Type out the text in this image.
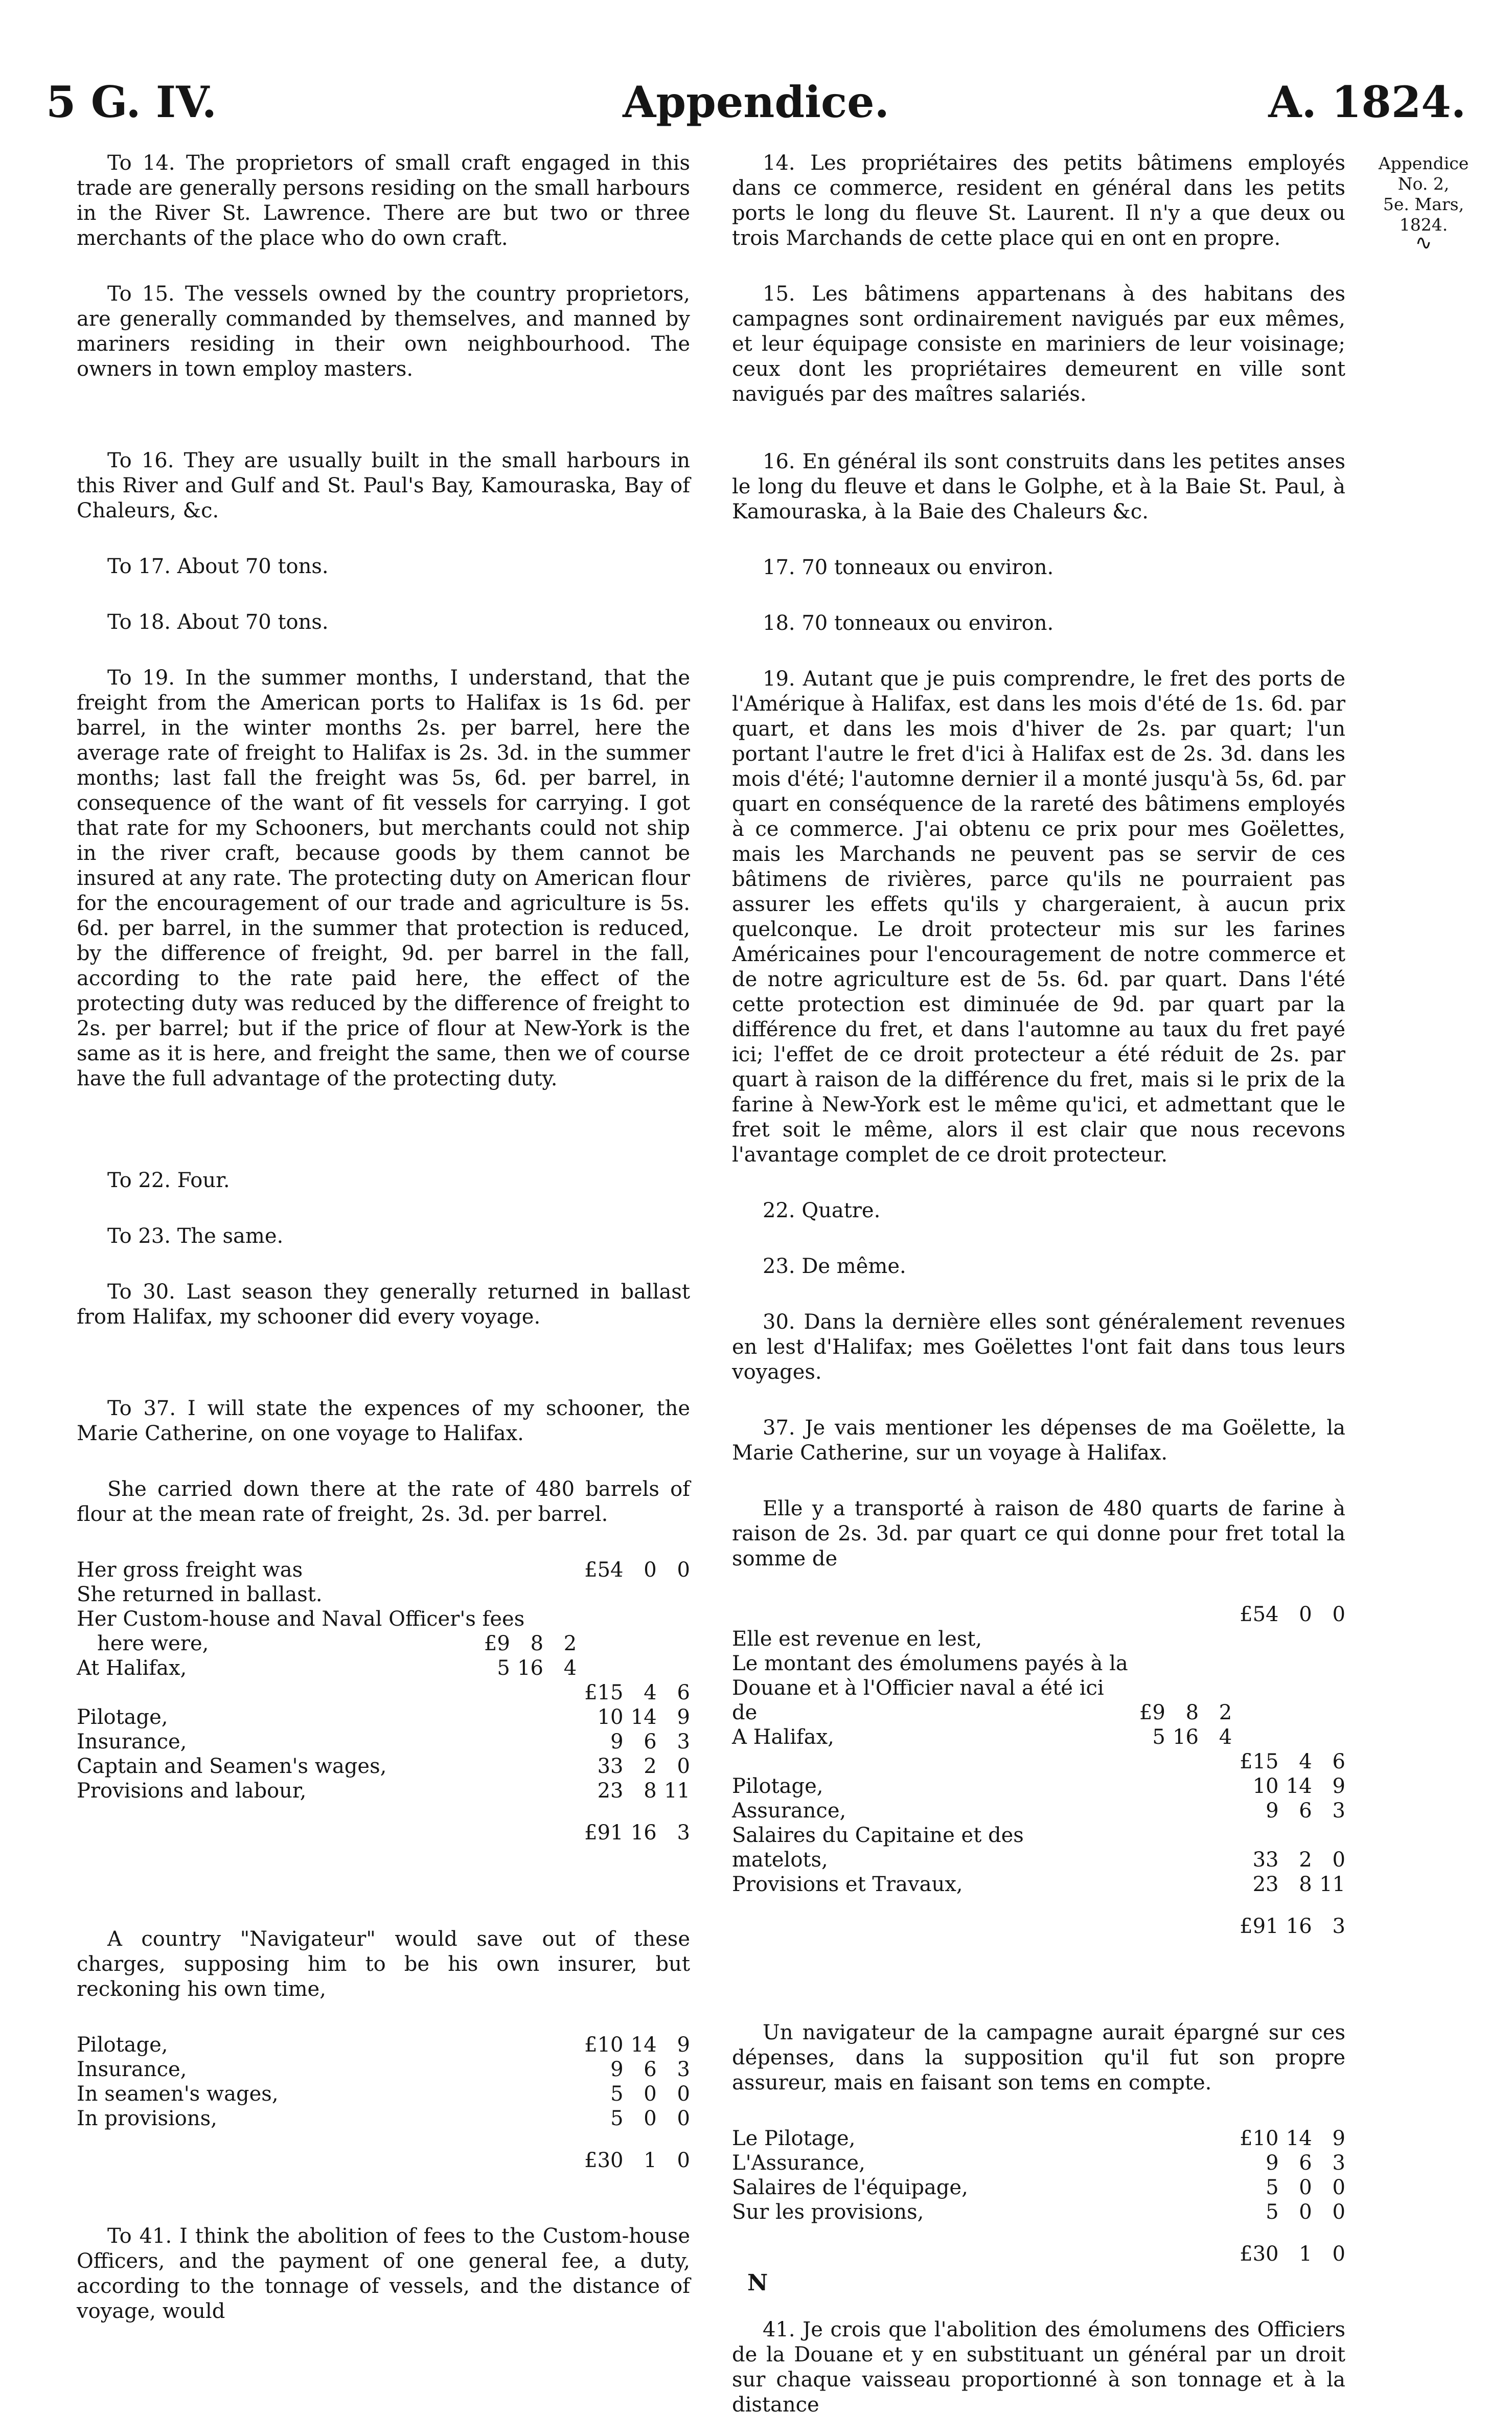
5 G. IV.	Appendice.	A. 1824.
Appendice
No. 2,
5e. Mars,
1824.
∿

To 14. The proprietors of small craft engaged in this trade are generally persons residing on the small harbours in the River St. Lawrence. There are but two or three merchants of the place who do own craft.

To 15. The vessels owned by the country proprietors, are generally commanded by themselves, and manned by mariners residing in their own neighbourhood. The owners in town employ masters.

To 16. They are usually built in the small harbours in this River and Gulf and St. Paul's Bay, Kamouraska, Bay of Chaleurs, &c.

To 17. About 70 tons.

To 18. About 70 tons.

To 19. In the summer months, I understand, that the freight from the American ports to Halifax is 1s 6d. per barrel, in the winter months 2s. per barrel, here the average rate of freight to Halifax is 2s. 3d. in the summer months; last fall the freight was 5s, 6d. per barrel, in consequence of the want of fit vessels for carrying. I got that rate for my Schooners, but merchants could not ship in the river craft, because goods by them cannot be insured at any rate. The protecting duty on American flour for the encouragement of our trade and agriculture is 5s. 6d. per barrel, in the summer that protection is reduced, by the difference of freight, 9d. per barrel in the fall, according to the rate paid here, the effect of the protecting duty was reduced by the difference of freight to 2s. per barrel; but if the price of flour at New-York is the same as it is here, and freight the same, then we of course have the full advantage of the protecting duty.

To 22. Four.

To 23. The same.

To 30. Last season they generally returned in ballast from Halifax, my schooner did every voyage.

To 37. I will state the expences of my schooner, the Marie Catherine, on one voyage to Halifax.

She carried down there at the rate of 480 barrels of flour at the mean rate of freight, 2s. 3d. per barrel.

Her gross freight was				£54	0	0
She returned in ballast.						
Her Custom-house and Naval Officer's fees						
here were,	£9	8	2			
At Halifax,	5	16	4			
				£15	4	6
Pilotage,				10	14	9
Insurance,				9	6	3
Captain and Seamen's wages,				33	2	0
Provisions and labour,				23	8	11
				£91	16	3

A country "Navigateur" would save out of these charges, supposing him to be his own insurer, but reckoning his own time,

Pilotage,				£10	14	9
Insurance,				9	6	3
In seamen's wages,				5	0	0
In provisions,				5	0	0
				£30	1	0

To 41. I think the abolition of fees to the Custom-house Officers, and the payment of one general fee, a duty, according to the tonnage of vessels, and the distance of voyage, would

14. Les propriétaires des petits bâtimens employés dans ce commerce, resident en général dans les petits ports le long du fleuve St. Laurent. Il n'y a que deux ou trois Marchands de cette place qui en ont en propre.

15. Les bâtimens appartenans à des habitans des campagnes sont ordinairement navigués par eux mêmes, et leur équipage consiste en mariniers de leur voisinage; ceux dont les propriétaires demeurent en ville sont navigués par des maîtres salariés.

16. En général ils sont construits dans les petites anses le long du fleuve et dans le Golphe, et à la Baie St. Paul, à Kamouraska, à la Baie des Chaleurs &c.

17. 70 tonneaux ou environ.

18. 70 tonneaux ou environ.

19. Autant que je puis comprendre, le fret des ports de l'Amérique à Halifax, est dans les mois d'été de 1s. 6d. par quart, et dans les mois d'hiver de 2s. par quart; l'un portant l'autre le fret d'ici à Halifax est de 2s. 3d. dans les mois d'été; l'automne dernier il a monté jusqu'à 5s, 6d. par quart en conséquence de la rareté des bâtimens employés à ce commerce. J'ai obtenu ce prix pour mes Goëlettes, mais les Marchands ne peuvent pas se servir de ces bâtimens de rivières, parce qu'ils ne pourraient pas assurer les effets qu'ils y chargeraient, à aucun prix quelconque. Le droit protecteur mis sur les farines Américaines pour l'encouragement de notre commerce et de notre agriculture est de 5s. 6d. par quart. Dans l'été cette protection est diminuée de 9d. par quart par la différence du fret, et dans l'automne au taux du fret payé ici; l'effet de ce droit protecteur a été réduit de 2s. par quart à raison de la différence du fret, mais si le prix de la farine à New-York est le même qu'ici, et admettant que le fret soit le même, alors il est clair que nous recevons l'avantage complet de ce droit protecteur.

22. Quatre.

23. De même.

30. Dans la dernière elles sont généralement revenues en lest d'Halifax; mes Goëlettes l'ont fait dans tous leurs voyages.

37. Je vais mentioner les dépenses de ma Goëlette, la Marie Catherine, sur un voyage à Halifax.

Elle y a transporté à raison de 480 quarts de farine à raison de 2s. 3d. par quart ce qui donne pour fret total la somme de

				£54	0	0
Elle est revenue en lest,						
Le montant des émolumens payés à la						
Douane et à l'Officier naval a été ici de	£9	8	2			
A Halifax,	5	16	4			
				£15	4	6
Pilotage,				10	14	9
Assurance,				9	6	3
Salaires du Capitaine et des matelots,				33	2	0
Provisions et Travaux,				23	8	11
				£91	16	3

Un navigateur de la campagne aurait épargné sur ces dépenses, dans la supposition qu'il fut son propre assureur, mais en faisant son tems en compte.

Le Pilotage,				£10	14	9
L'Assurance,				9	6	3
Salaires de l'équipage,				5	0	0
Sur les provisions,				5	0	0
				£30	1	0

41. Je crois que l'abolition des émolumens des Officiers de la Douane et y en substituant un général par un droit sur chaque vaisseau proportionné à son tonnage et à la distance

N
